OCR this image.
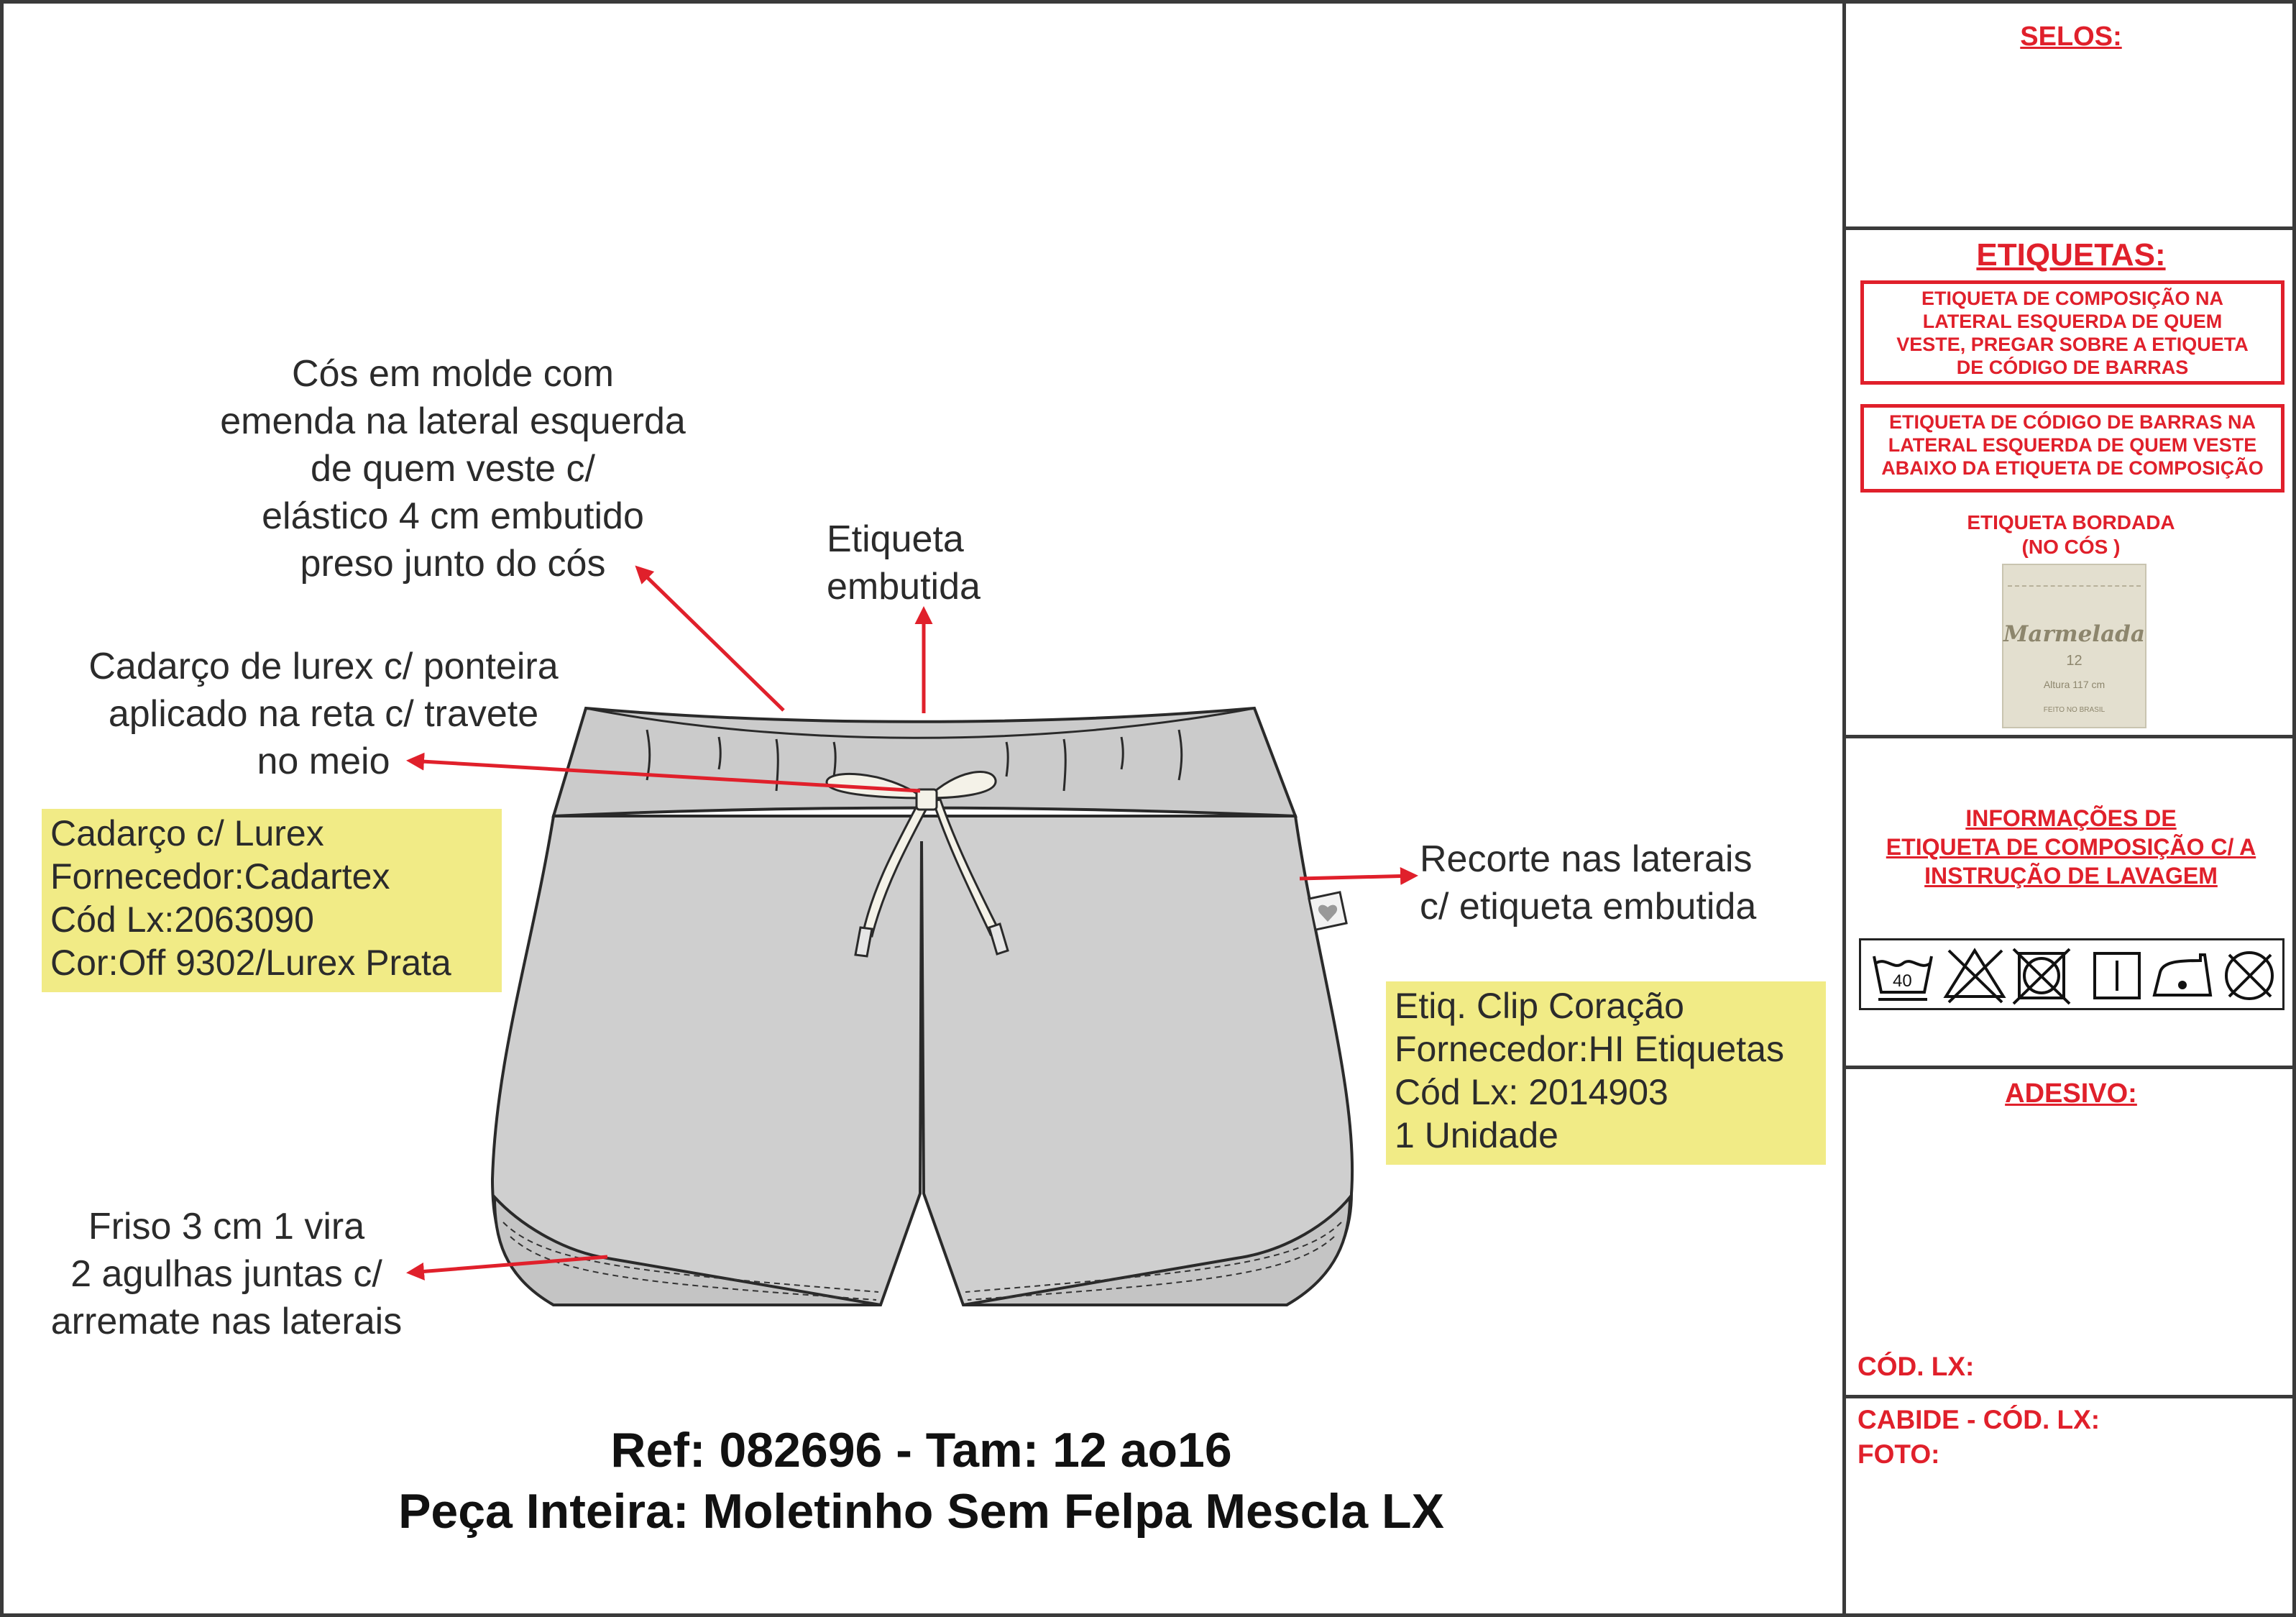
Cós em molde com
emenda na lateral esquerda
de quem veste c/
elástico 4 cm embutido
preso junto do cós
Etiqueta
embutida
Cadarço de lurex c/ ponteira
aplicado na reta c/ travete
no meio
Recorte nas laterais
c/ etiqueta embutida
Friso 3 cm 1 vira
2 agulhas juntas c/
arremate nas laterais
Cadarço c/ Lurex
Fornecedor:Cadartex
Cód Lx:2063090
Cor:Off 9302/Lurex Prata
Etiq. Clip Coração
Fornecedor:HI Etiquetas
Cód Lx: 2014903
1 Unidade
Ref: 082696 - Tam: 12 ao16
Peça Inteira: Moletinho Sem Felpa Mescla LX
SELOS:
ETIQUETAS:
ETIQUETA DE COMPOSIÇÃO NA
LATERAL ESQUERDA DE QUEM
VESTE, PREGAR SOBRE A ETIQUETA
DE CÓDIGO DE BARRAS
ETIQUETA DE CÓDIGO DE BARRAS NA
LATERAL ESQUERDA DE QUEM VESTE
ABAIXO DA ETIQUETA DE COMPOSIÇÃO
ETIQUETA BORDADA
(NO CÓS )
Marmelada
12
Altura 117 cm
FEITO NO BRASIL
INFORMAÇÕES DE
ETIQUETA DE COMPOSIÇÃO C/ A
INSTRUÇÃO DE LAVAGEM
40
ADESIVO:
CÓD. LX:
CABIDE - CÓD. LX:
FOTO:
